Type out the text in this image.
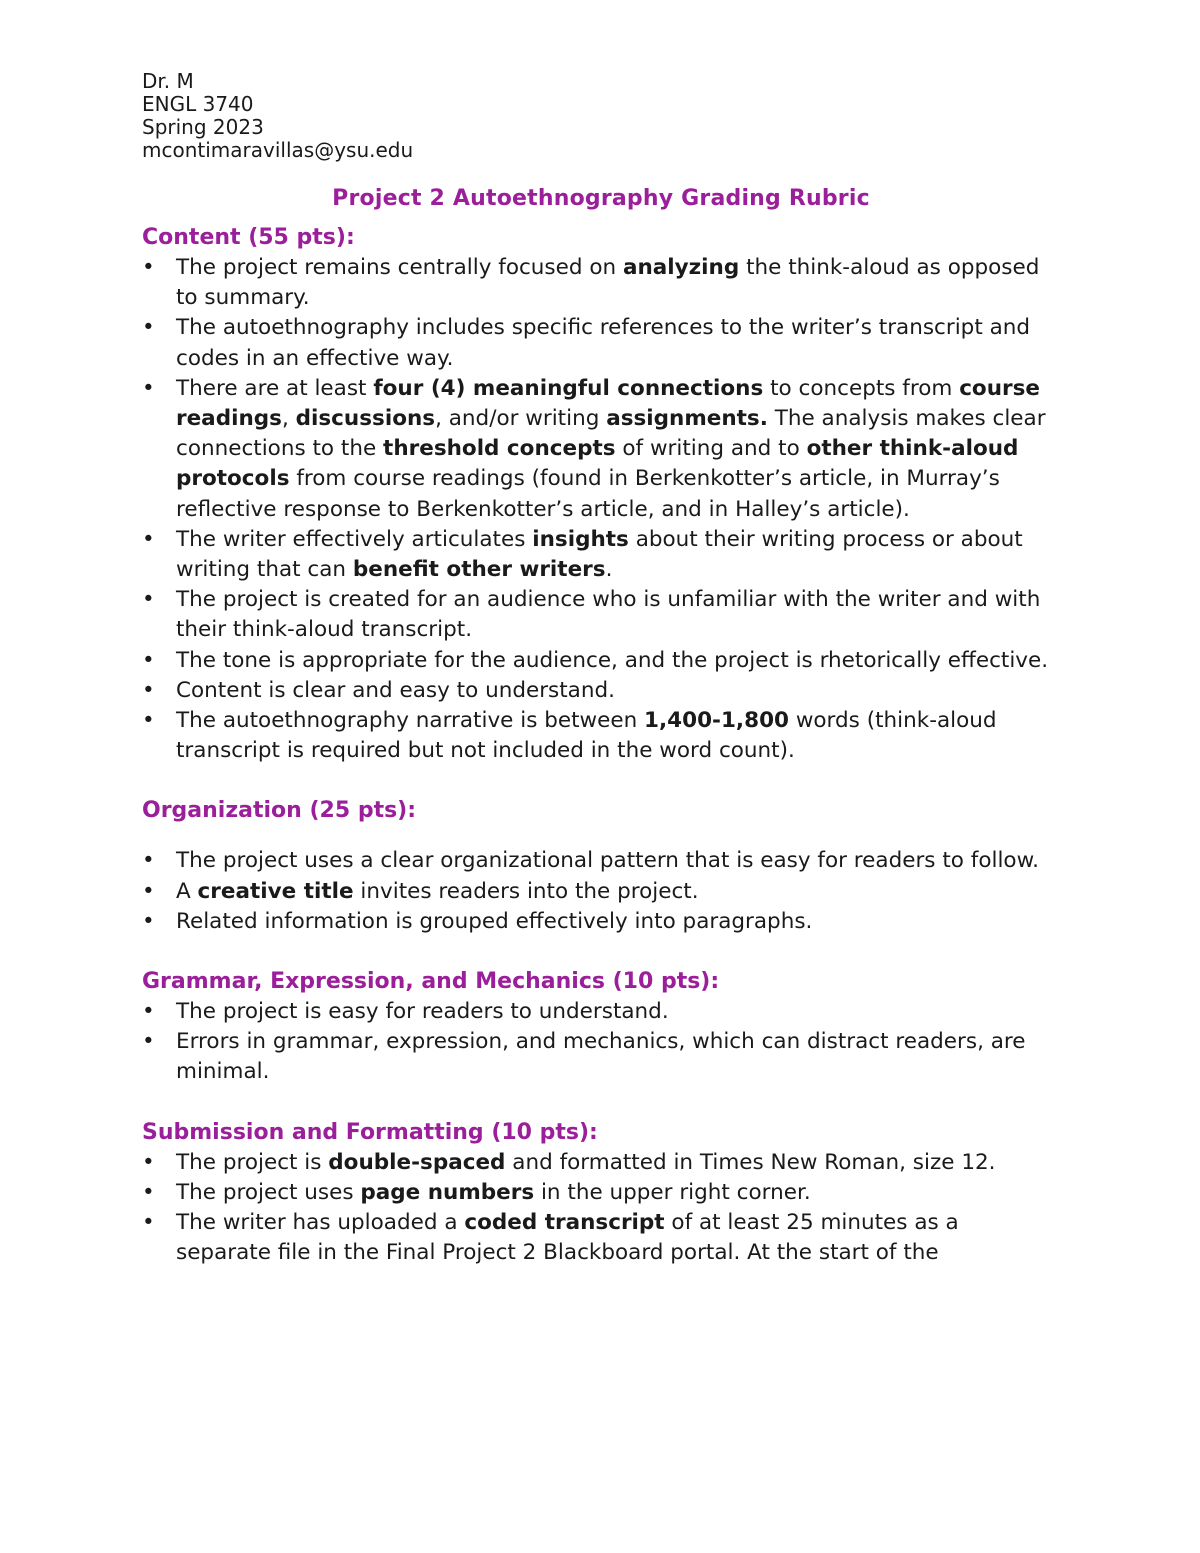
Dr. M
ENGL 3740
Spring 2023
mcontimaravillas@ysu.edu
Project 2 Autoethnography Grading Rubric
Content (55 pts):
• The project remains centrally focused on analyzing the think-aloud as opposed to summary.
• The autoethnography includes specific references to the writer’s transcript and codes in an effective way.
• There are at least four (4) meaningful connections to concepts from course readings, discussions, and/or writing assignments. The analysis makes clear connections to the threshold concepts of writing and to other think-aloud protocols from course readings (found in Berkenkotter’s article, in Murray’s reflective response to Berkenkotter’s article, and in Halley’s article).
• The writer effectively articulates insights about their writing process or about writing that can benefit other writers.
• The project is created for an audience who is unfamiliar with the writer and with their think-aloud transcript.
• The tone is appropriate for the audience, and the project is rhetorically effective.
• Content is clear and easy to understand.
• The autoethnography narrative is between 1,400-1,800 words (think-aloud transcript is required but not included in the word count).
Organization (25 pts):
• The project uses a clear organizational pattern that is easy for readers to follow.
• A creative title invites readers into the project.
• Related information is grouped effectively into paragraphs.
Grammar, Expression, and Mechanics (10 pts):
• The project is easy for readers to understand.
• Errors in grammar, expression, and mechanics, which can distract readers, are minimal.
Submission and Formatting (10 pts):
• The project is double-spaced and formatted in Times New Roman, size 12.
• The project uses page numbers in the upper right corner.
• The writer has uploaded a coded transcript of at least 25 minutes as a separate file in the Final Project 2 Blackboard portal. At the start of the
